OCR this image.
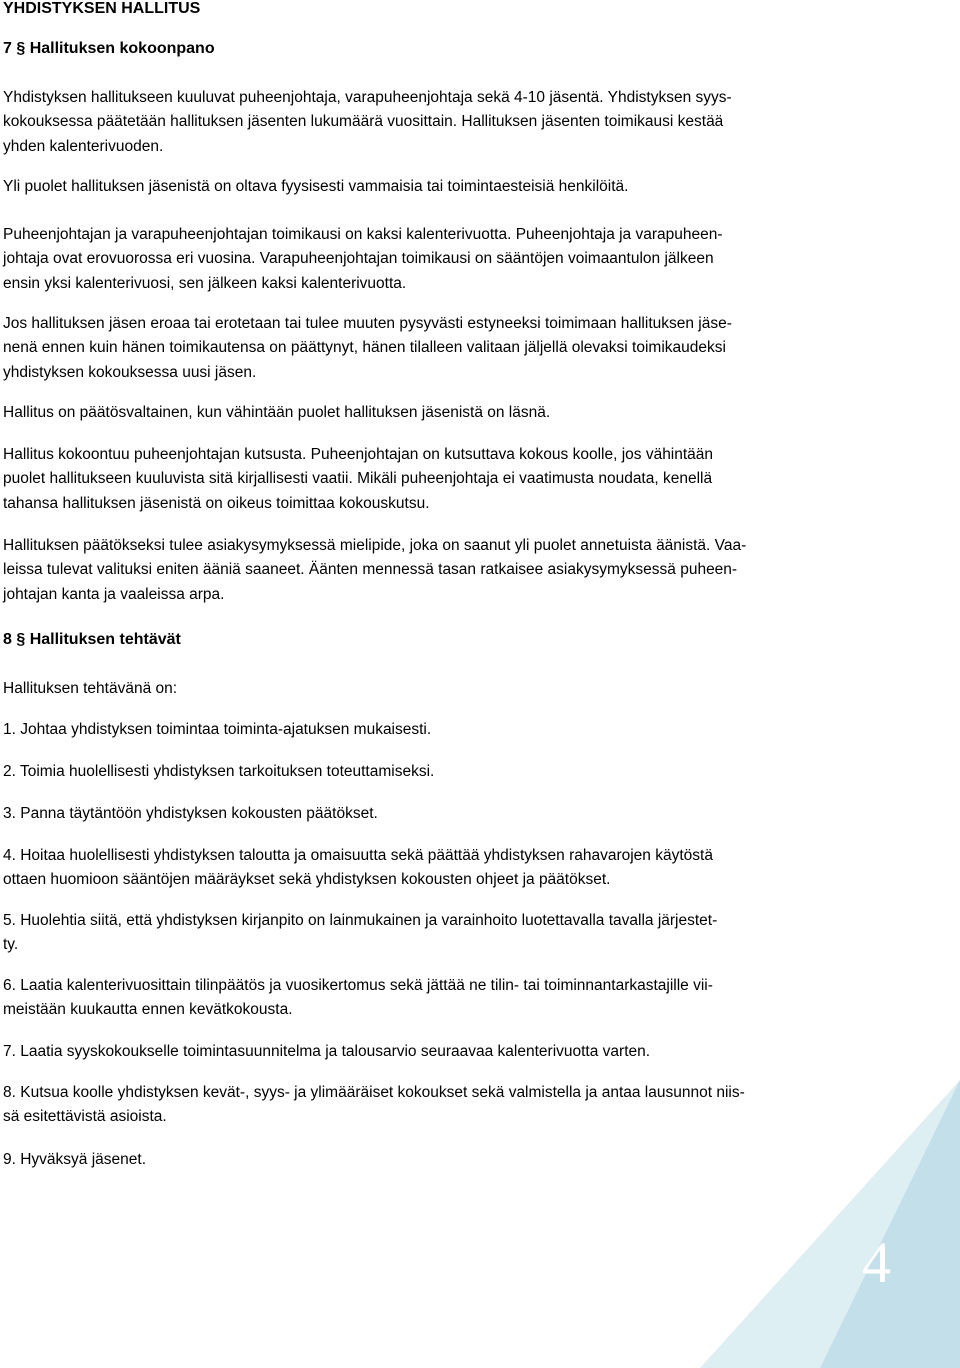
YHDISTYKSEN HALLITUS
7 § Hallituksen kokoonpano

Yhdistyksen hallitukseen kuuluvat puheenjohtaja, varapuheenjohtaja sekä 4-10 jäsentä. Yhdistyksen syys-
kokouksessa päätetään hallituksen jäsenten lukumäärä vuosittain. Hallituksen jäsenten toimikausi kestää
yhden kalenterivuoden.

Yli puolet hallituksen jäsenistä on oltava fyysisesti vammaisia tai toimintaesteisiä henkilöitä.

Puheenjohtajan ja varapuheenjohtajan toimikausi on kaksi kalenterivuotta. Puheenjohtaja ja varapuheen-
johtaja ovat erovuorossa eri vuosina. Varapuheenjohtajan toimikausi on sääntöjen voimaantulon jälkeen
ensin yksi kalenterivuosi, sen jälkeen kaksi kalenterivuotta.

Jos hallituksen jäsen eroaa tai erotetaan tai tulee muuten pysyvästi estyneeksi toimimaan hallituksen jäse-
nenä ennen kuin hänen toimikautensa on päättynyt, hänen tilalleen valitaan jäljellä olevaksi toimikaudeksi
yhdistyksen kokouksessa uusi jäsen.

Hallitus on päätösvaltainen, kun vähintään puolet hallituksen jäsenistä on läsnä.

Hallitus kokoontuu puheenjohtajan kutsusta. Puheenjohtajan on kutsuttava kokous koolle, jos vähintään
puolet hallitukseen kuuluvista sitä kirjallisesti vaatii. Mikäli puheenjohtaja ei vaatimusta noudata, kenellä
tahansa hallituksen jäsenistä on oikeus toimittaa kokouskutsu.

Hallituksen päätökseksi tulee asiakysymyksessä mielipide, joka on saanut yli puolet annetuista äänistä. Vaa-
leissa tulevat valituksi eniten ääniä saaneet. Äänten mennessä tasan ratkaisee asiakysymyksessä puheen-
johtajan kanta ja vaaleissa arpa.

8 § Hallituksen tehtävät

Hallituksen tehtävänä on:

1. Johtaa yhdistyksen toimintaa toiminta-ajatuksen mukaisesti.

2. Toimia huolellisesti yhdistyksen tarkoituksen toteuttamiseksi.

3. Panna täytäntöön yhdistyksen kokousten päätökset.

4. Hoitaa huolellisesti yhdistyksen taloutta ja omaisuutta sekä päättää yhdistyksen rahavarojen käytöstä
ottaen huomioon sääntöjen määräykset sekä yhdistyksen kokousten ohjeet ja päätökset.

5. Huolehtia siitä, että yhdistyksen kirjanpito on lainmukainen ja varainhoito luotettavalla tavalla järjestet-
ty.

6. Laatia kalenterivuosittain tilinpäätös ja vuosikertomus sekä jättää ne tilin- tai toiminnantarkastajille vii-
meistään kuukautta ennen kevätkokousta.

7. Laatia syyskokoukselle toimintasuunnitelma ja talousarvio seuraavaa kalenterivuotta varten.

8. Kutsua koolle yhdistyksen kevät-, syys- ja ylimääräiset kokoukset sekä valmistella ja antaa lausunnot niis-
sä esitettävistä asioista.

9. Hyväksyä jäsenet.

4
